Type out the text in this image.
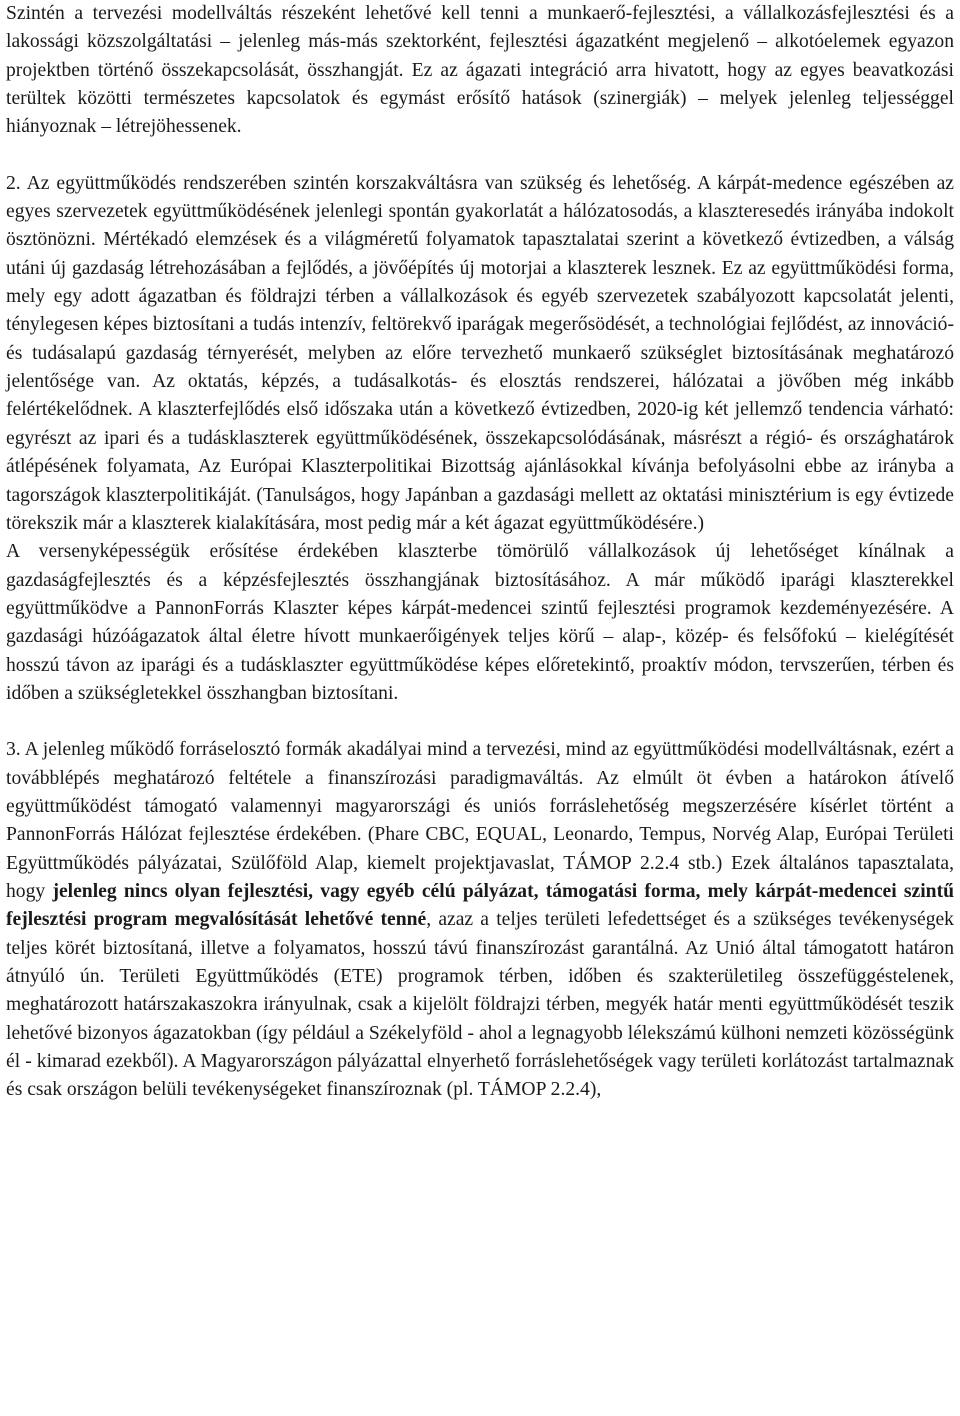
Szintén a tervezési modellváltás részeként lehetővé kell tenni a munkaerő-fejlesztési, a vállalkozásfejlesztési és a lakossági közszolgáltatási – jelenleg más-más szektorként, fejlesztési ágazatként megjelenő – alkotóelemek egyazon projektben történő összekapcsolását, összhangját. Ez az ágazati integráció arra hivatott, hogy az egyes beavatkozási terültek közötti természetes kapcsolatok és egymást erősítő hatások (szinergiák) – melyek jelenleg teljességgel hiányoznak – létrejöhessenek.

2. Az együttműködés rendszerében szintén korszakváltásra van szükség és lehetőség. A kárpát-medence egészében az egyes szervezetek együttműködésének jelenlegi spontán gyakorlatát a hálózatosodás, a klaszteresedés irányába indokolt ösztönözni. Mértékadó elemzések és a világméretű folyamatok tapasztalatai szerint a következő évtizedben, a válság utáni új gazdaság létrehozásában a fejlődés, a jövőépítés új motorjai a klaszterek lesznek. Ez az együttműködési forma, mely egy adott ágazatban és földrajzi térben a vállalkozások és egyéb szervezetek szabályozott kapcsolatát jelenti, ténylegesen képes biztosítani a tudás intenzív, feltörekvő iparágak megerősödését, a technológiai fejlődést, az innováció- és tudásalapú gazdaság térnyerését, melyben az előre tervezhető munkaerő szükséglet biztosításának meghatározó jelentősége van. Az oktatás, képzés, a tudásalkotás- és elosztás rendszerei, hálózatai a jövőben még inkább felértékelődnek. A klaszterfejlődés első időszaka után a következő évtizedben, 2020-ig két jellemző tendencia várható: egyrészt az ipari és a tudásklaszterek együttműködésének, összekapcsolódásának, másrészt a régió- és országhatárok átlépésének folyamata, Az Európai Klaszterpolitikai Bizottság ajánlásokkal kívánja befolyásolni ebbe az irányba a tagországok klaszterpolitikáját. (Tanulságos, hogy Japánban a gazdasági mellett az oktatási minisztérium is egy évtizede törekszik már a klaszterek kialakítására, most pedig már a két ágazat együttműködésére.)

A versenyképességük erősítése érdekében klaszterbe tömörülő vállalkozások új lehetőséget kínálnak a gazdaságfejlesztés és a képzésfejlesztés összhangjának biztosításához. A már működő iparági klaszterekkel együttműködve a PannonForrás Klaszter képes kárpát-medencei szintű fejlesztési programok kezdeményezésére. A gazdasági húzóágazatok által életre hívott munkaerőigények teljes körű – alap-, közép- és felsőfokú – kielégítését hosszú távon az iparági és a tudásklaszter együttműködése képes előretekintő, proaktív módon, tervszerűen, térben és időben a szükségletekkel összhangban biztosítani.

3. A jelenleg működő forráselosztó formák akadályai mind a tervezési, mind az együttműködési modellváltásnak, ezért a továbblépés meghatározó feltétele a finanszírozási paradigmaváltás. Az elmúlt öt évben a határokon átívelő együttműködést támogató valamennyi magyarországi és uniós forráslehetőség megszerzésére kísérlet történt a PannonForrás Hálózat fejlesztése érdekében. (Phare CBC, EQUAL, Leonardo, Tempus, Norvég Alap, Európai Területi Együttműködés pályázatai, Szülőföld Alap, kiemelt projektjavaslat, TÁMOP 2.2.4 stb.) Ezek általános tapasztalata, hogy jelenleg nincs olyan fejlesztési, vagy egyéb célú pályázat, támogatási forma, mely kárpát-medencei szintű fejlesztési program megvalósítását lehetővé tenné, azaz a teljes területi lefedettséget és a szükséges tevékenységek teljes körét biztosítaná, illetve a folyamatos, hosszú távú finanszírozást garantálná. Az Unió által támogatott határon átnyúló ún. Területi Együttműködés (ETE) programok térben, időben és szakterületileg összefüggéstelenek, meghatározott határszakaszokra irányulnak, csak a kijelölt földrajzi térben, megyék határ menti együttműködését teszik lehetővé bizonyos ágazatokban (így például a Székelyföld - ahol a legnagyobb lélekszámú külhoni nemzeti közösségünk él - kimarad ezekből). A Magyarországon pályázattal elnyerhető forráslehetőségek vagy területi korlátozást tartalmaznak és csak országon belüli tevékenységeket finanszíroznak (pl. TÁMOP 2.2.4),
